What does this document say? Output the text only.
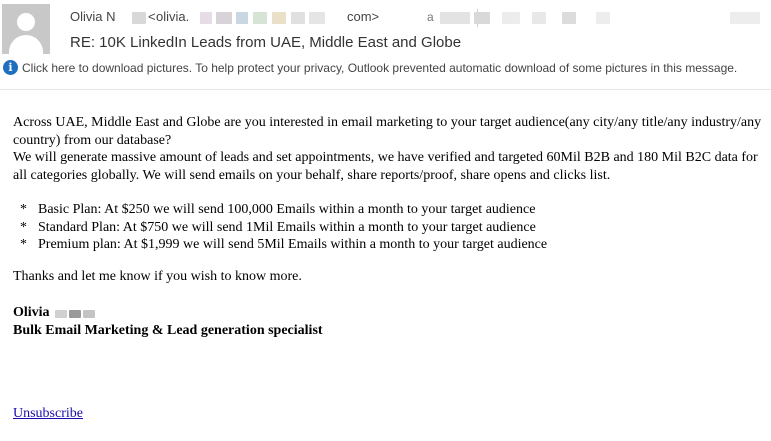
Olivia N < olivia.	com>	a
RE: 10K LinkedIn Leads from UAE, Middle East and Globe
i Click here to download pictures. To help protect your privacy, Outlook prevented automatic download of some pictures in this message.

Across UAE, Middle East and Globe are you interested in email marketing to your target audience(any city/any title/any industry/any country) from our database?

We will generate massive amount of leads and set appointments, we have verified and targeted 60Mil B2B and 180 Mil B2C data for all categories globally. We will send emails on your behalf, share reports/proof, share opens and clicks list.

* Basic Plan: At $250 we will send 100,000 Emails within a month to your target audience
* Standard Plan: At $750 we will send 1Mil Emails within a month to your target audience
* Premium plan: At $1,999 we will send 5Mil Emails within a month to your target audience
Thanks and let me know if you wish to know more.
Olivia
Bulk Email Marketing & Lead generation specialist
Unsubscribe
